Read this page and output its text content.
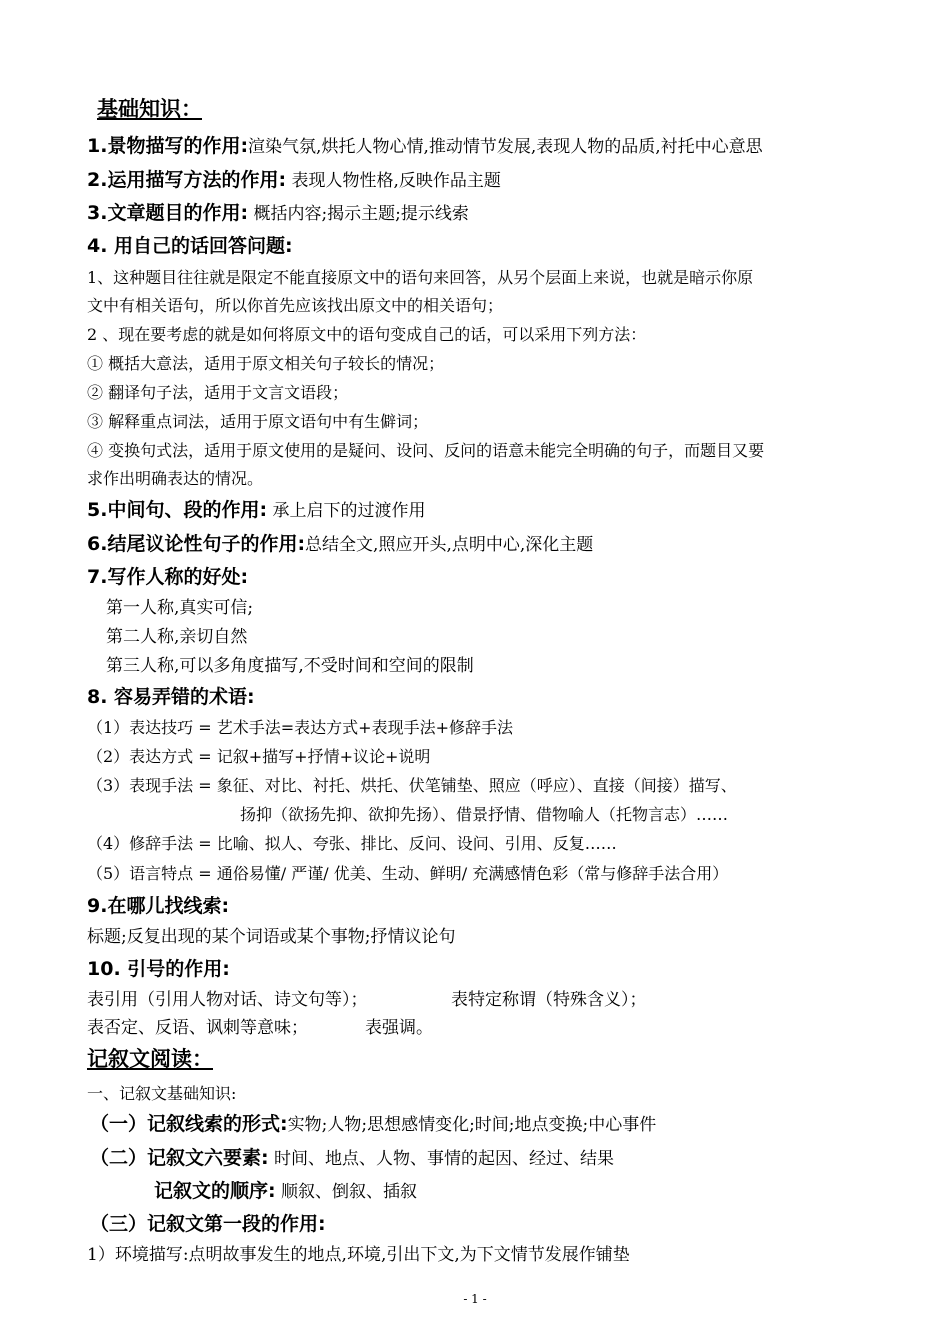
基础知识：
1.景物描写的作用:渲染气氛,烘托人物心情,推动情节发展,表现人物的品质,衬托中心意思
2.运用描写方法的作用: 表现人物性格,反映作品主题
3.文章题目的作用: 概括内容;揭示主题;提示线索
4. 用自己的话回答问题:
1、这种题目往往就是限定不能直接原文中的语句来回答，从另个层面上来说，也就是暗示你原
文中有相关语句，所以你首先应该找出原文中的相关语句；
2 、现在要考虑的就是如何将原文中的语句变成自己的话，可以采用下列方法：
① 概括大意法，适用于原文相关句子较长的情况；
② 翻译句子法，适用于文言文语段；
③ 解释重点词法，适用于原文语句中有生僻词；
④ 变换句式法，适用于原文使用的是疑问、设问、反问的语意未能完全明确的句子，而题目又要
求作出明确表达的情况。
5.中间句、段的作用: 承上启下的过渡作用
6.结尾议论性句子的作用:总结全文,照应开头,点明中心,深化主题
7.写作人称的好处:
第一人称,真实可信;
第二人称,亲切自然
第三人称,可以多角度描写,不受时间和空间的限制
8. 容易弄错的术语:
（1）表达技巧 = 艺术手法=表达方式+表现手法+修辞手法
（2）表达方式 = 记叙+描写+抒情+议论+说明
（3）表现手法 = 象征、对比、衬托、烘托、伏笔铺垫、照应（呼应）、直接（间接）描写、
扬抑（欲扬先抑、欲抑先扬）、借景抒情、借物喻人（托物言志）……
（4）修辞手法 = 比喻、拟人、夸张、排比、反问、设问、引用、反复……
（5）语言特点 = 通俗易懂/ 严谨/ 优美、生动、鲜明/ 充满感情色彩（常与修辞手法合用）
9.在哪儿找线索:
标题;反复出现的某个词语或某个事物;抒情议论句
10. 引号的作用:
表引用（引用人物对话、诗文句等）；	表特定称谓（特殊含义）；
表否定、反语、讽刺等意味；	表强调。
记叙文阅读：
一、记叙文基础知识:
（一）记叙线索的形式:实物;人物;思想感情变化;时间;地点变换;中心事件
（二）记叙文六要素: 时间、地点、人物、事情的起因、经过、结果
记叙文的顺序: 顺叙、倒叙、插叙
（三）记叙文第一段的作用:
1）环境描写:点明故事发生的地点,环境,引出下文,为下文情节发展作铺垫
- 1 -
